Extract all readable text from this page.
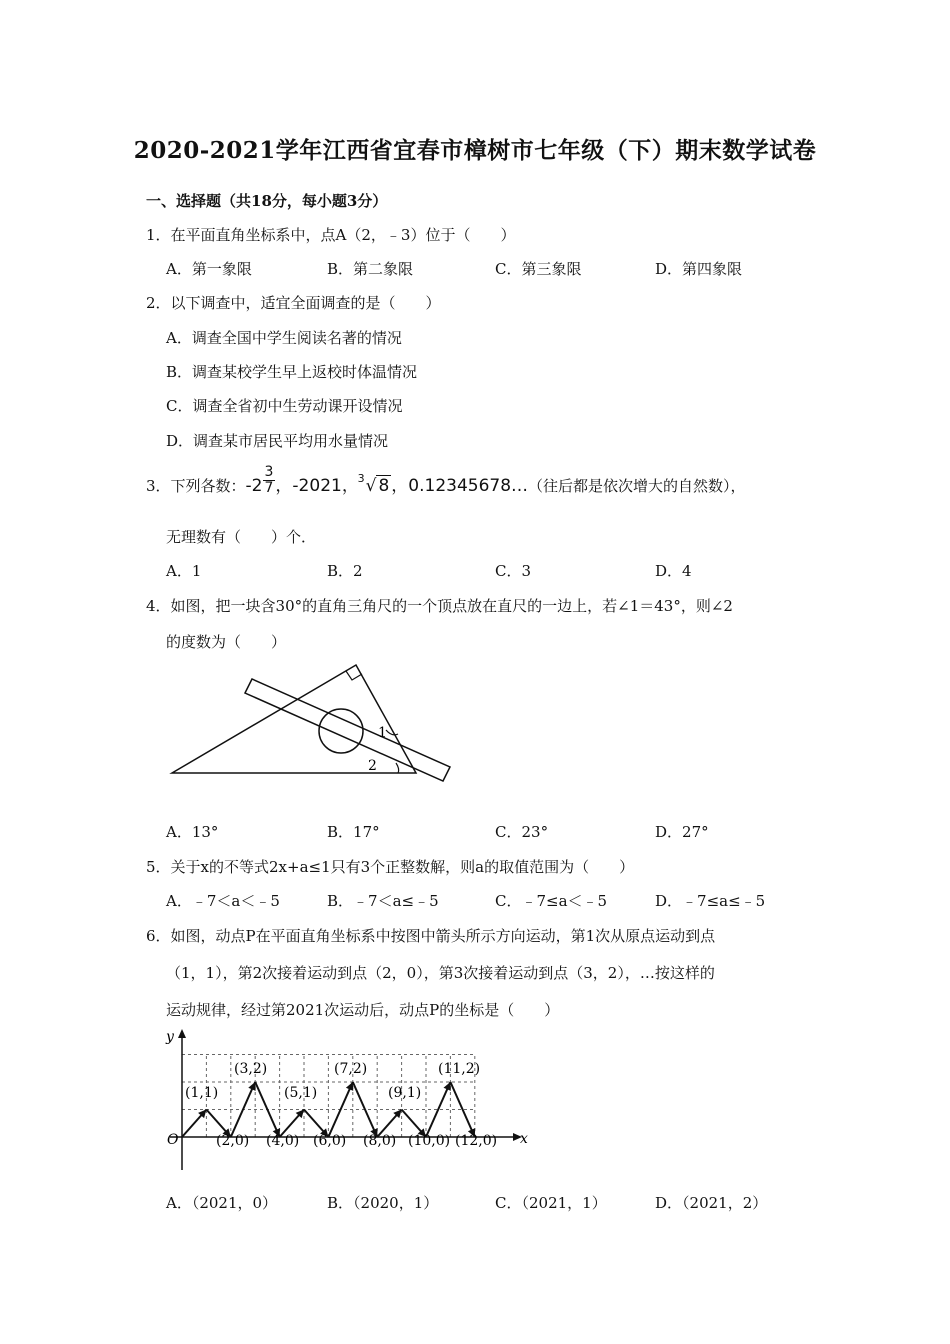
2020-2021学年江西省宜春市樟树市七年级（下）期末数学试卷
一、选择题（共18分，每小题3分）
1．在平面直角坐标系中，点A（2，﹣3）位于（　　）
A．第一象限	B．第二象限	C．第三象限	D．第四象限
2．以下调查中，适宜全面调查的是（　　）
A．调查全国中学生阅读名著的情况
B．调查某校学生早上返校时体温情况
C．调查全省初中生劳动课开设情况
D．调查某市居民平均用水量情况
3．下列各数：$-2 \frac{3}{7}$ ，-2021，
3 √ 8 ，0.12345678…（往后都是依次增大的自然数），
无理数有（　　）个．
A．1	B．2	C．3	D．4
4．如图，把一块含30°的直角三角尺的一个顶点放在直尺的一边上，若∠1＝43°，则∠2
的度数为（　　）
1
2
A．13°	B．17°	C．23°	D．27°
5．关于x的不等式2x+a≤1只有3个正整数解，则a的取值范围为（　　）
A．﹣7＜a＜﹣5	B．﹣7＜a≤﹣5	C．﹣7≤a＜﹣5	D．﹣7≤a≤﹣5
6．如图，动点P在平面直角坐标系中按图中箭头所示方向运动，第1次从原点运动到点
（1，1），第2次接着运动到点（2，0），第3次接着运动到点（3，2），…按这样的
运动规律，经过第2021次运动后，动点P的坐标是（　　）
y
x
O
(1,1)
(3,2)
(5,1)
(7,2)
(9,1)
(11,2)
(2,0) (4,0) (6,0) (8,0) (10,0) (12,0)
A．（2021，0）	B．（2020，1）	C．（2021，1）	D．（2021，2）
